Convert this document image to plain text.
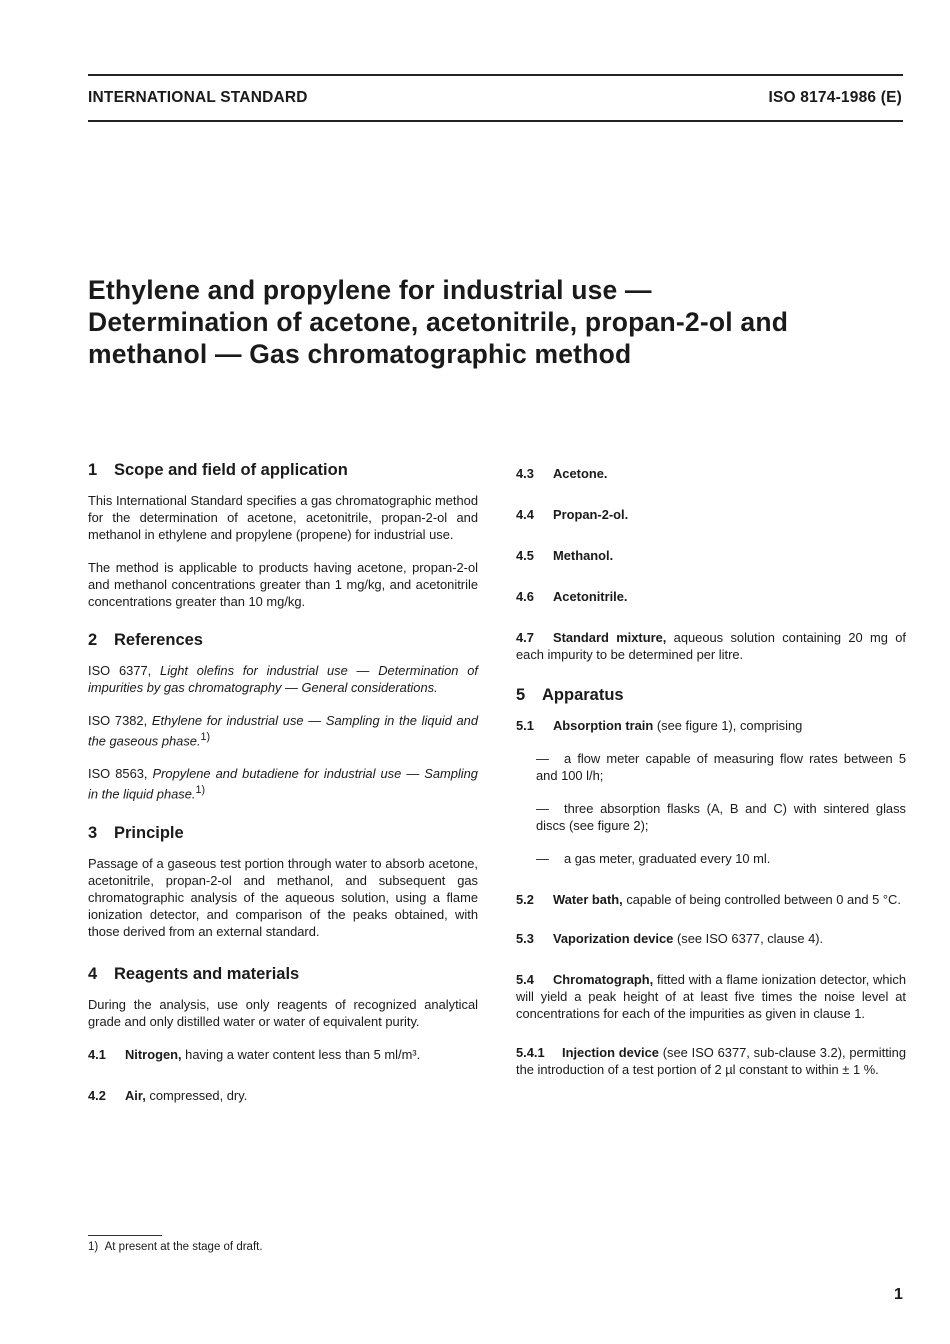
INTERNATIONAL STANDARD	ISO 8174-1986 (E)
Ethylene and propylene for industrial use —
Determination of acetone, acetonitrile, propan-2-ol and
methanol — Gas chromatographic method
1 Scope and field of application

This International Standard specifies a gas chromatographic method for the determination of acetone, acetonitrile, propan-2-ol and methanol in ethylene and propylene (propene) for industrial use.

The method is applicable to products having acetone, propan-2-ol and methanol concentrations greater than 1 mg/kg, and acetonitrile concentrations greater than 10 mg/kg.

2 References

ISO 6377, Light olefins for industrial use — Determination of impurities by gas chromatography — General considerations.

ISO 7382, Ethylene for industrial use — Sampling in the liquid and the gaseous phase.$^{1)}$

ISO 8563, Propylene and butadiene for industrial use — Sampling in the liquid phase.$^{1)}$

3 Principle

Passage of a gaseous test portion through water to absorb acetone, acetonitrile, propan-2-ol and methanol, and subsequent gas chromatographic analysis of the aqueous solution, using a flame ionization detector, and comparison of the peaks obtained, with those derived from an external standard.

4 Reagents and materials

During the analysis, use only reagents of recognized analytical grade and only distilled water or water of equivalent purity.

4.1 Nitrogen, having a water content less than 5 ml/m³.

4.2 Air, compressed, dry.

4.3 Acetone.

4.4 Propan-2-ol.

4.5 Methanol.

4.6 Acetonitrile.

4.7 Standard mixture, aqueous solution containing 20 mg of each impurity to be determined per litre.

5 Apparatus

5.1 Absorption train (see figure 1), comprising

— a flow meter capable of measuring flow rates between 5 and 100 l/h;
— three absorption flasks (A, B and C) with sintered glass discs (see figure 2);
— a gas meter, graduated every 10 ml.

5.2 Water bath, capable of being controlled between 0 and 5 °C.

5.3 Vaporization device (see ISO 6377, clause 4).

5.4 Chromatograph, fitted with a flame ionization detector, which will yield a peak height of at least five times the noise level at concentrations for each of the impurities as given in clause 1.

5.4.1 Injection device (see ISO 6377, sub-clause 3.2), permitting the introduction of a test portion of 2 µl constant to within ± 1 %.

1) At present at the stage of draft.
1
